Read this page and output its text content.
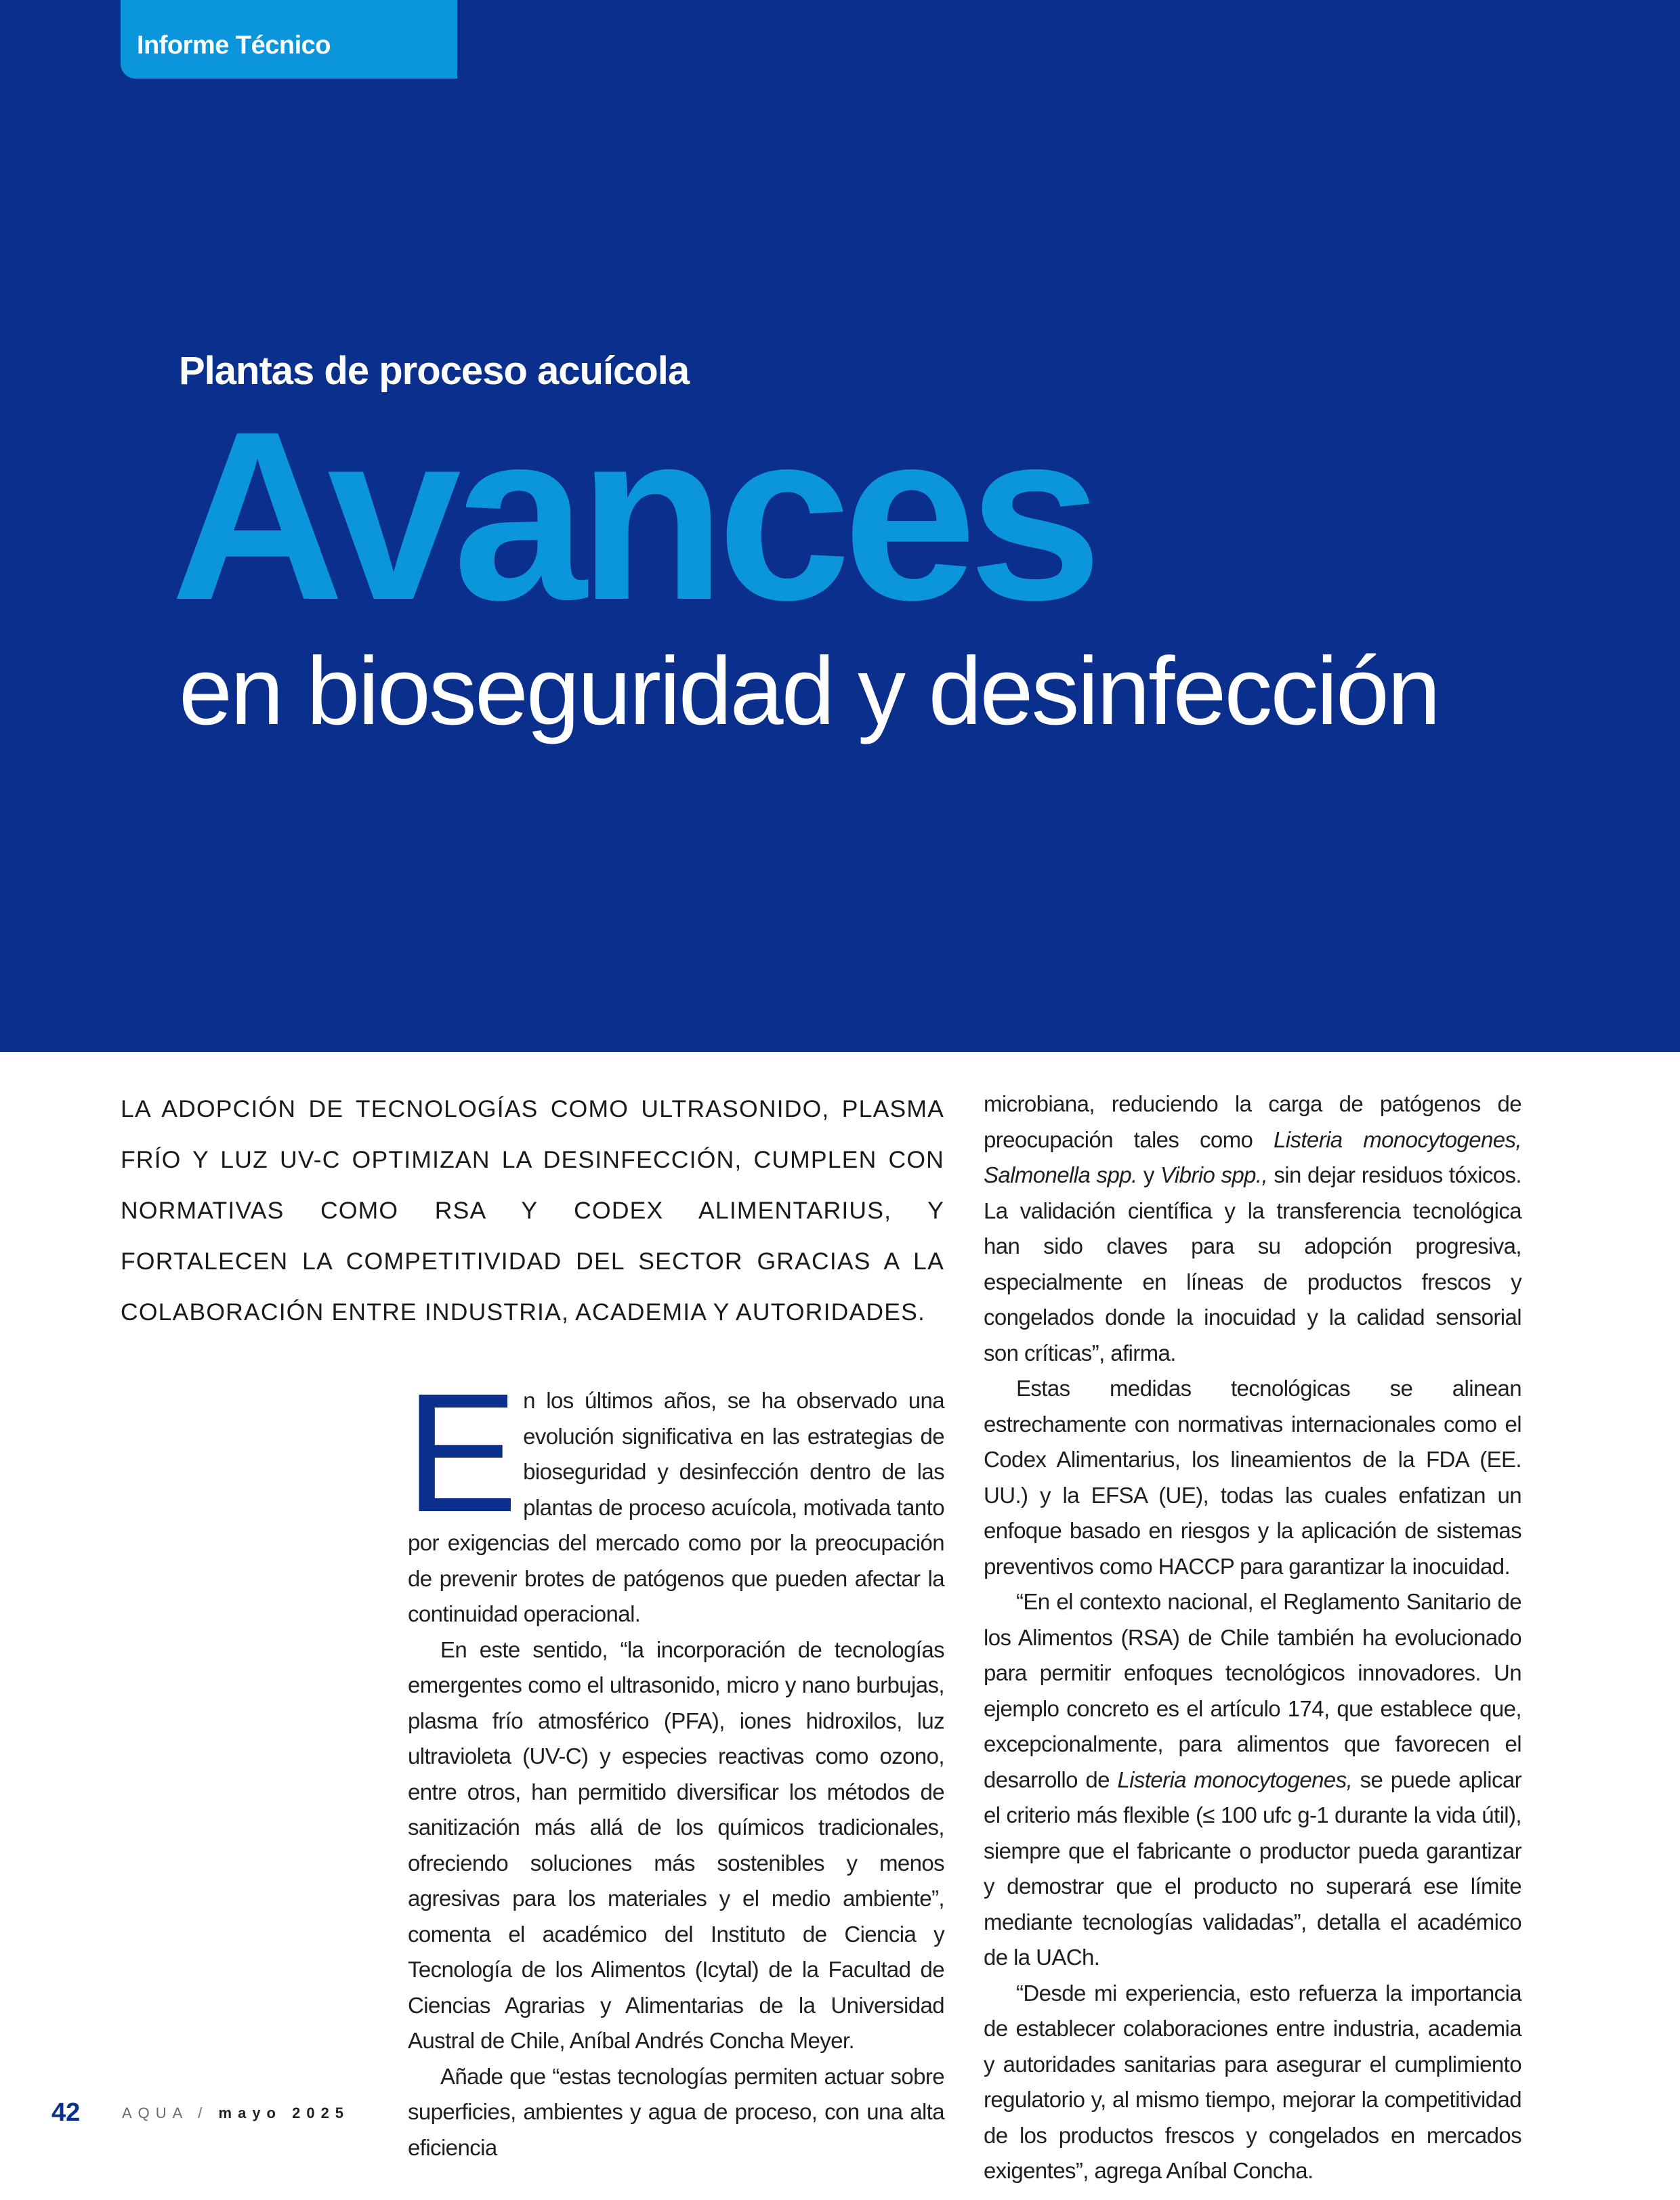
Informe Técnico
Plantas de proceso acuícola
Avances
en bioseguridad y desinfección
LA ADOPCIÓN DE TECNOLOGÍAS COMO ULTRASONIDO, PLASMA FRÍO Y LUZ UV-C OPTIMIZAN LA DESINFECCIÓN, CUMPLEN CON NORMATIVAS COMO RSA Y CODEX ALIMENTARIUS, Y FORTALECEN LA COMPETITIVIDAD DEL SECTOR GRACIAS A LA COLABORACIÓN ENTRE INDUSTRIA, ACADEMIA Y AUTORIDADES.

En los últimos años, se ha observado una evolución significativa en las estrategias de bioseguridad y desinfección dentro de las plantas de proceso acuícola, motivada tanto por exigencias del mercado como por la preocupación de prevenir brotes de patógenos que pueden afectar la continuidad operacional.

En este sentido, “la incorporación de tecnologías emergentes como el ultrasonido, micro y nano burbujas, plasma frío atmosférico (PFA), iones hidroxilos, luz ultravioleta (UV-C) y especies reactivas como ozono, entre otros, han permitido diversificar los métodos de sanitización más allá de los químicos tradicionales, ofreciendo soluciones más sostenibles y menos agresivas para los materiales y el medio ambiente”, comenta el académico del Instituto de Ciencia y Tecnología de los Alimentos (Icytal) de la Facultad de Ciencias Agrarias y Alimentarias de la Universidad Austral de Chile, Aníbal Andrés Concha Meyer.

Añade que “estas tecnologías permiten actuar sobre superficies, ambientes y agua de proceso, con una alta eficiencia

microbiana, reduciendo la carga de patógenos de preocupación tales como Listeria monocytogenes, Salmonella spp. y Vibrio spp., sin dejar residuos tóxicos. La validación científica y la transferencia tecnológica han sido claves para su adopción progresiva, especialmente en líneas de productos frescos y congelados donde la inocuidad y la calidad sensorial son críticas”, afirma.

Estas medidas tecnológicas se alinean estrechamente con normativas internacionales como el Codex Alimentarius, los lineamientos de la FDA (EE. UU.) y la EFSA (UE), todas las cuales enfatizan un enfoque basado en riesgos y la aplicación de sistemas preventivos como HACCP para garantizar la inocuidad.

“En el contexto nacional, el Reglamento Sanitario de los Alimentos (RSA) de Chile también ha evolucionado para permitir enfoques tecnológicos innovadores. Un ejemplo concreto es el artículo 174, que establece que, excepcionalmente, para alimentos que favorecen el desarrollo de Listeria monocytogenes, se puede aplicar el criterio más flexible (≤ 100 ufc g-1 durante la vida útil), siempre que el fabricante o productor pueda garantizar y demostrar que el producto no superará ese límite mediante tecnologías validadas”, detalla el académico de la UACh.

“Desde mi experiencia, esto refuerza la importancia de establecer colaboraciones entre industria, academia y autoridades sanitarias para asegurar el cumplimiento regulatorio y, al mismo tiempo, mejorar la competitividad de los productos frescos y congelados en mercados exigentes”, agrega Aníbal Concha.

42	AQUA / mayo 2025
